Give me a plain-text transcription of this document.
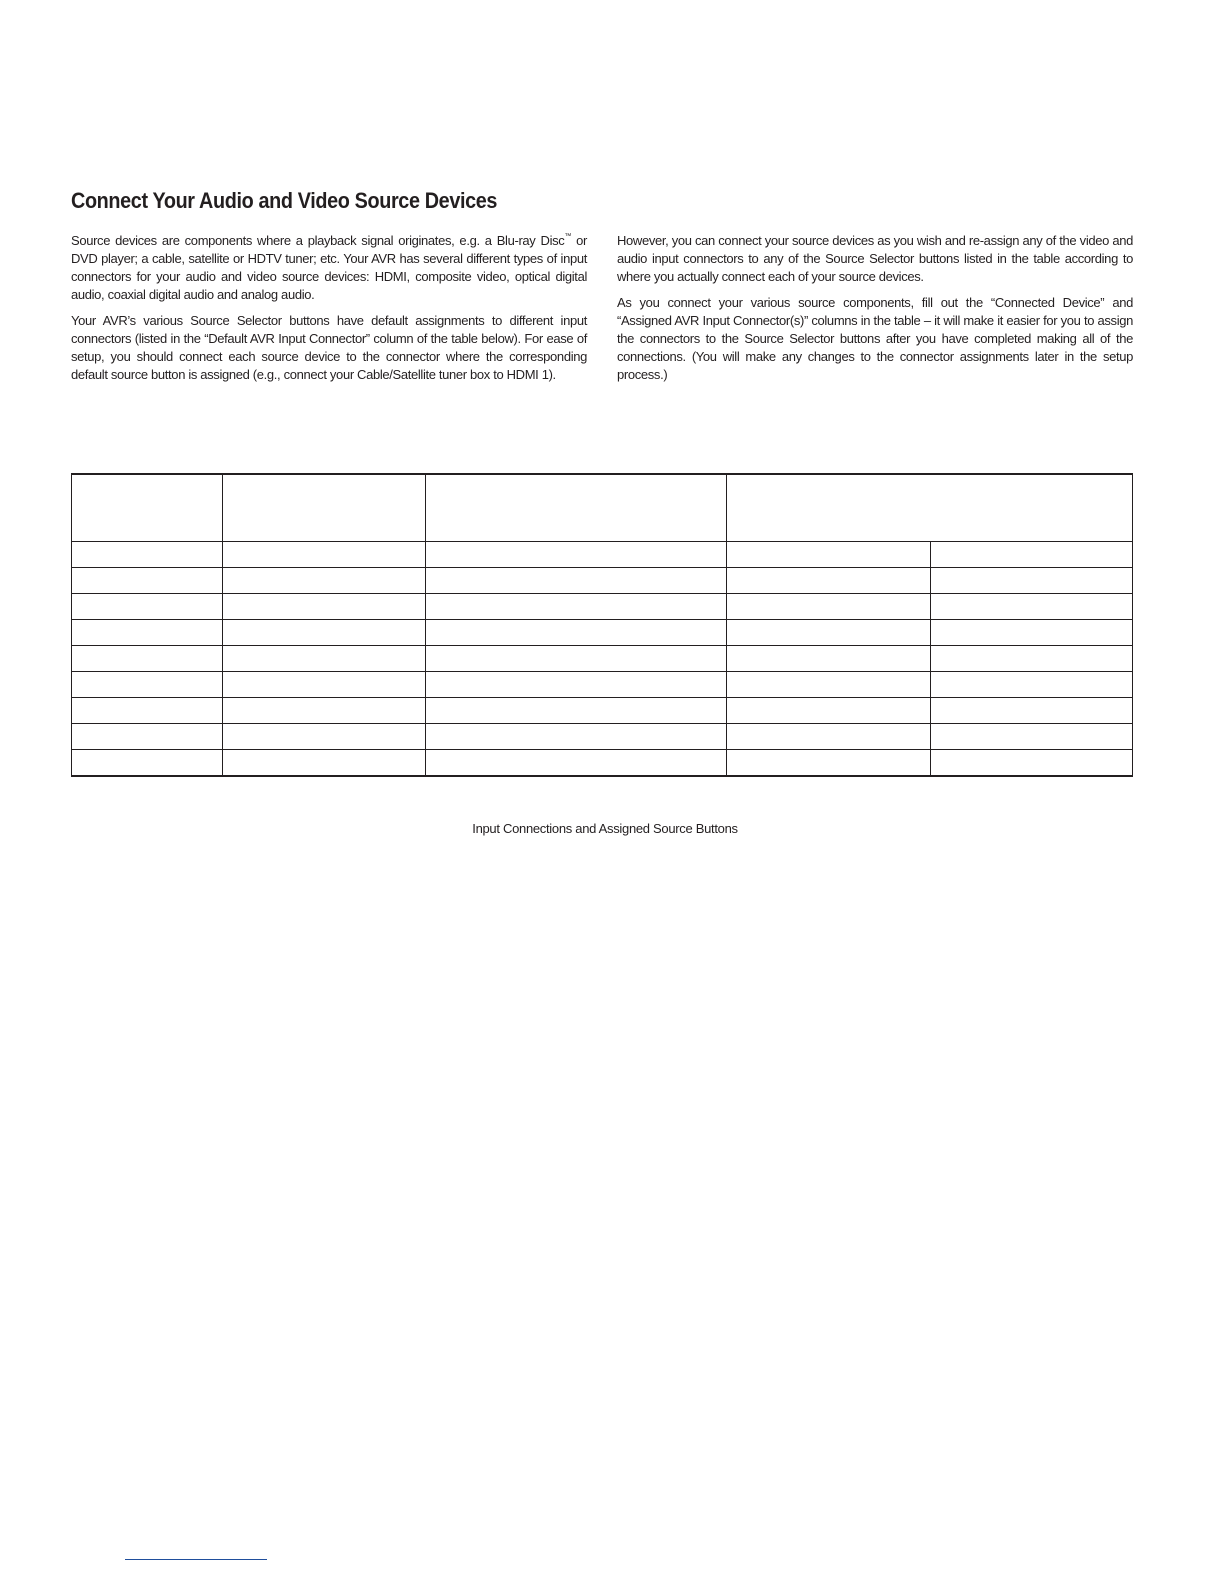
Connect Your Audio and Video Source Devices

Source devices are components where a playback signal originates, e.g. a Blu-ray Disc™ or DVD player; a cable, satellite or HDTV tuner; etc. Your AVR has several different types of input connectors for your audio and video source devices: HDMI, composite video, optical digital audio, coaxial digital audio and analog audio.

Your AVR’s various Source Selector buttons have default assignments to different input connectors (listed in the “Default AVR Input Connector” column of the table below). For ease of setup, you should connect each source device to the connector where the corresponding default source button is assigned (e.g., connect your Cable/Satellite tuner box to HDMI 1).

However, you can connect your source devices as you wish and re-assign any of the video and audio input connectors to any of the Source Selector buttons listed in the table according to where you actually connect each of your source devices.

As you connect your various source components, fill out the “Connected Device” and “Assigned AVR Input Connector(s)” columns in the table – it will make it easier for you to assign the connectors to the Source Selector buttons after you have completed making all of the connections. (You will make any changes to the connector assignments later in the setup process.)

Input Connections and Assigned Source Buttons
